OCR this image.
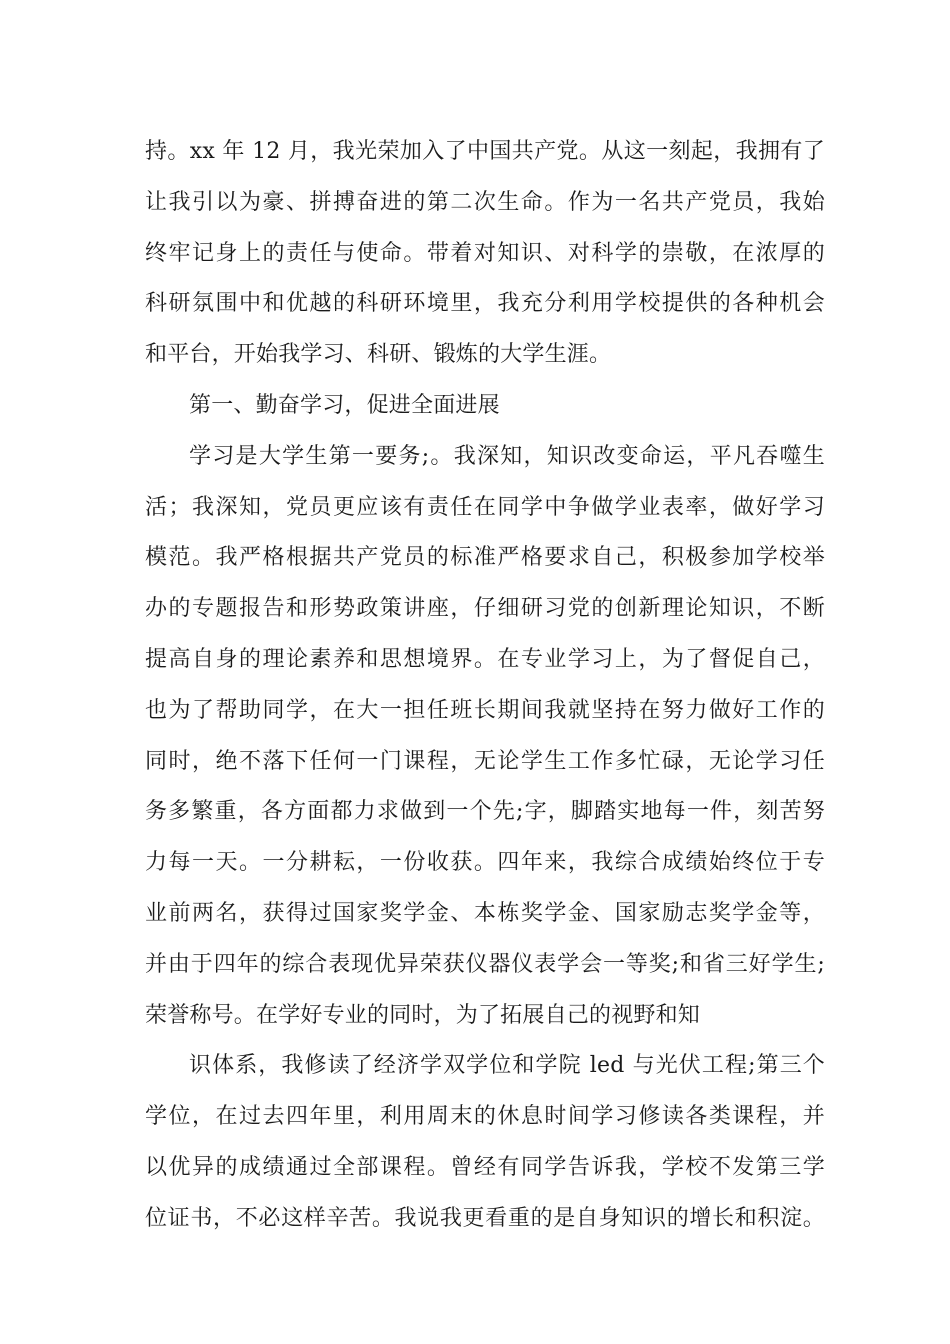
持。xx 年 12 月，我光荣加入了中国共产党。从这一刻起，我拥有了
让我引以为豪、拼搏奋进的第二次生命。作为一名共产党员，我始
终牢记身上的责任与使命。带着对知识、对科学的崇敬，在浓厚的
科研氛围中和优越的科研环境里，我充分利用学校提供的各种机会
和平台，开始我学习、科研、锻炼的大学生涯。
第一、勤奋学习，促进全面进展
学习是大学生第一要务;。我深知，知识改变命运，平凡吞噬生
活；我深知，党员更应该有责任在同学中争做学业表率，做好学习
模范。我严格根据共产党员的标准严格要求自己，积极参加学校举
办的专题报告和形势政策讲座，仔细研习党的创新理论知识，不断
提高自身的理论素养和思想境界。在专业学习上，为了督促自己，
也为了帮助同学，在大一担任班长期间我就坚持在努力做好工作的
同时，绝不落下任何一门课程，无论学生工作多忙碌，无论学习任
务多繁重，各方面都力求做到一个先;字，脚踏实地每一件，刻苦努
力每一天。一分耕耘，一份收获。四年来，我综合成绩始终位于专
业前两名，获得过国家奖学金、本栋奖学金、国家励志奖学金等，
并由于四年的综合表现优异荣获仪器仪表学会一等奖;和省三好学生;
荣誉称号。在学好专业的同时，为了拓展自己的视野和知
识体系，我修读了经济学双学位和学院 led 与光伏工程;第三个
学位，在过去四年里，利用周末的休息时间学习修读各类课程，并
以优异的成绩通过全部课程。曾经有同学告诉我，学校不发第三学
位证书，不必这样辛苦。我说我更看重的是自身知识的增长和积淀。
